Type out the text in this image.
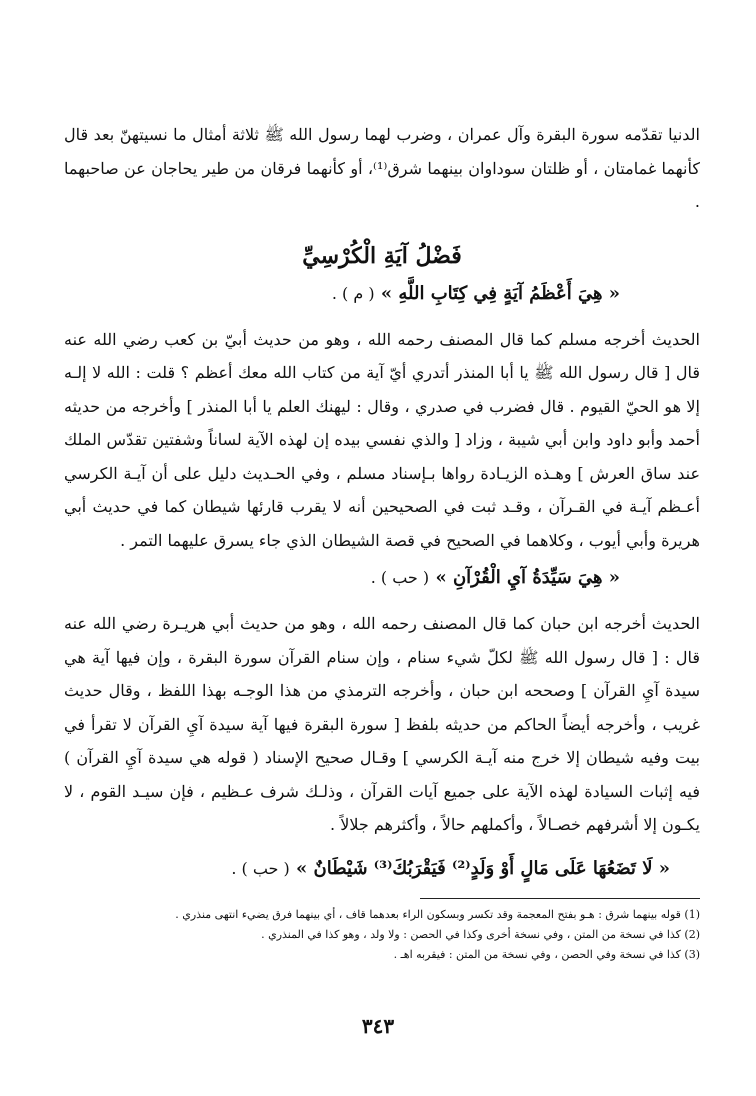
الدنيا تقدّمه سورة البقرة وآل عمران ، وضرب لهما رسول الله ﷺ ثلاثة أمثال ما نسيتهنّ بعد قال كأنهما غمامتان ، أو ظلتان سوداوان بينهما شرق⁽¹⁾، أو كأنهما فرقان من طير يحاجان عن صاحبهما .

فَضْلُ آيَةِ الْكُرْسِيِّ
« هِيَ أَعْظَمُ آيَةٍ فِي كِتَابِ اللَّهِ » ( م ) .

الحديث أخرجه مسلم كما قال المصنف رحمه الله ، وهو من حديث أبيّ بن كعب رضي الله عنه قال [ قال رسول الله ﷺ يا أبا المنذر أتدري أيّ آية من كتاب الله معك أعظم ؟ قلت : الله لا إلـه إلا هو الحيّ القيوم . قال فضرب في صدري ، وقال : ليهنك العلم يا أبا المنذر ] وأخرجه من حديثه أحمد وأبو داود وابن أبي شيبة ، وزاد [ والذي نفسي بيده إن لهذه الآية لساناً وشفتين تقدّس الملك عند ساق العرش ] وهـذه الزيـادة رواها بـإسناد مسلم ، وفي الحـديث دليل على أن آيـة الكرسي أعـظم آيـة في القـرآن ، وقـد ثبت في الصحيحين أنه لا يقرب قارئها شيطان كما في حديث أبي هريرة وأبي أيوب ، وكلاهما في الصحيح في قصة الشيطان الذي جاء يسرق عليهما التمر .

« هِيَ سَيِّدَةُ آيِ الْقُرْآنِ » ( حب ) .

الحديث أخرجه ابن حبان كما قال المصنف رحمه الله ، وهو من حديث أبي هريـرة رضي الله عنه قال : [ قال رسول الله ﷺ لكلّ شيء سنام ، وإن سنام القرآن سورة البقرة ، وإن فيها آية هي سيدة آيِ القرآن ] وصححه ابن حبان ، وأخرجه الترمذي من هذا الوجـه بهذا اللفظ ، وقال حديث غريب ، وأخرجه أيضاً الحاكم من حديثه بلفظ [ سورة البقرة فيها آية سيدة آيِ القرآن لا تقرأ في بيت وفيه شيطان إلا خرج منه آيـة الكرسي ] وقـال صحيح الإسناد ( قوله هي سيدة آيِ القرآن ) فيه إثبات السيادة لهذه الآية على جميع آيات القرآن ، وذلـك شرف عـظيم ، فإن سيـد القوم ، لا يكـون إلا أشرفهم خصـالاً ، وأكملهم حالاً ، وأكثرهم جلالاً .

« لَا تَضَعُهَا عَلَى مَالٍ أَوْ وَلَدٍ⁽²⁾ فَيَقْرَبُكَ⁽³⁾ شَيْطَانٌ » ( حب ) .
(1) قوله بينهما شرق : هـو بفتح المعجمة وقد تكسر وبسكون الراء بعدهما قاف ، أي بينهما فرق يضيء انتهى منذري .
(2) كذا في نسخة من المتن ، وفي نسخة أخرى وكذا في الحصن : ولا ولد ، وهو كذا في المنذري .
(3) كذا في نسخة وفي الحصن ، وفي نسخة من المتن : فيقربه اهـ .
٣٤٣
